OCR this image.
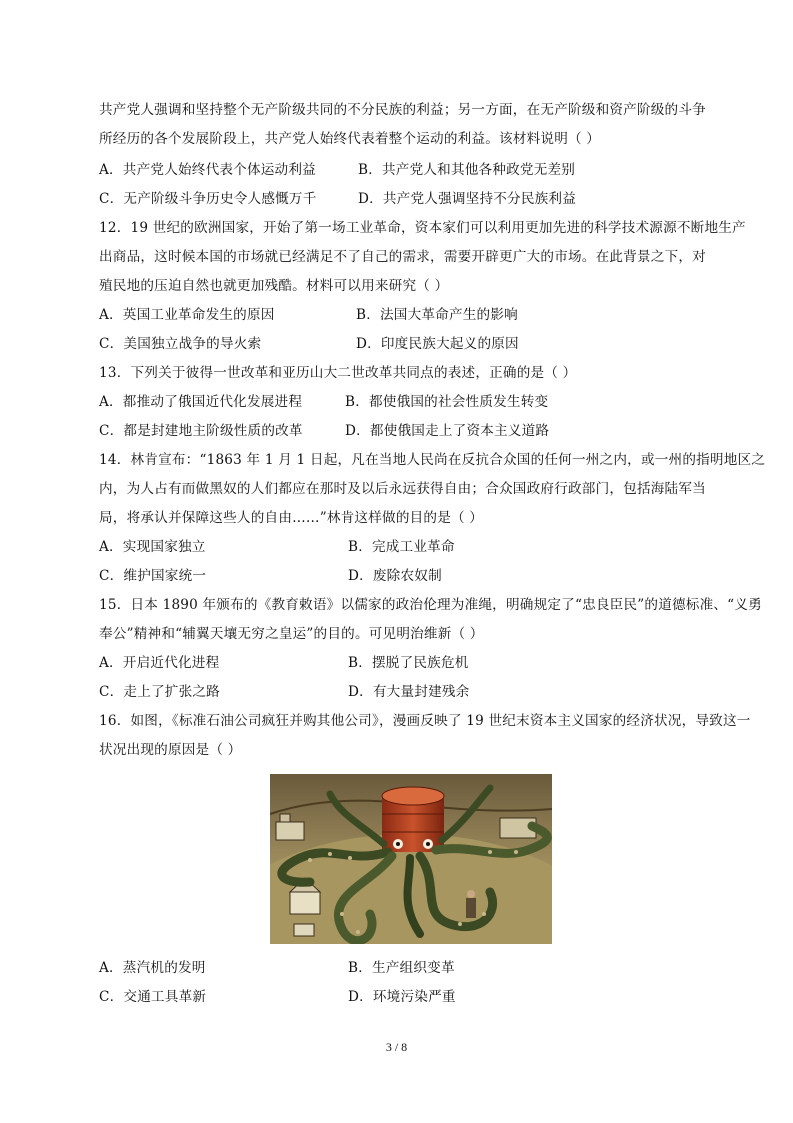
共产党人强调和坚持整个无产阶级共同的不分民族的利益；另一方面，在无产阶级和资产阶级的斗争
所经历的各个发展阶段上，共产党人始终代表着整个运动的利益。该材料说明（ ）
A．共产党人始终代表个体运动利益	B．共产党人和其他各种政党无差别
C．无产阶级斗争历史令人感慨万千	D．共产党人强调坚持不分民族利益
12．19 世纪的欧洲国家，开始了第一场工业革命，资本家们可以利用更加先进的科学技术源源不断地生产
出商品，这时候本国的市场就已经满足不了自己的需求，需要开辟更广大的市场。在此背景之下，对
殖民地的压迫自然也就更加残酷。材料可以用来研究（ ）
A．英国工业革命发生的原因	B．法国大革命产生的影响
C．美国独立战争的导火索	D．印度民族大起义的原因
13．下列关于彼得一世改革和亚历山大二世改革共同点的表述，正确的是（ ）
A．都推动了俄国近代化发展进程	B．都使俄国的社会性质发生转变
C．都是封建地主阶级性质的改革	D．都使俄国走上了资本主义道路
14．林肯宣布：“1863 年 1 月 1 日起，凡在当地人民尚在反抗合众国的任何一州之内，或一州的指明地区之
内，为人占有而做黑奴的人们都应在那时及以后永远获得自由；合众国政府行政部门，包括海陆军当
局，将承认并保障这些人的自由……”林肯这样做的目的是（ ）
A．实现国家独立	B．完成工业革命
C．维护国家统一	D．废除农奴制
15．日本 1890 年颁布的《教育敕语》以儒家的政治伦理为准绳，明确规定了“忠良臣民”的道德标准、“义勇
奉公”精神和“辅翼天壤无穷之皇运”的目的。可见明治维新（ ）
A．开启近代化进程	B．摆脱了民族危机
C．走上了扩张之路	D．有大量封建残余
16．如图，《标准石油公司疯狂并购其他公司》，漫画反映了 19 世纪末资本主义国家的经济状况，导致这一
状况出现的原因是（ ）
A．蒸汽机的发明	B．生产组织变革
C．交通工具革新	D．环境污染严重
3 / 8
